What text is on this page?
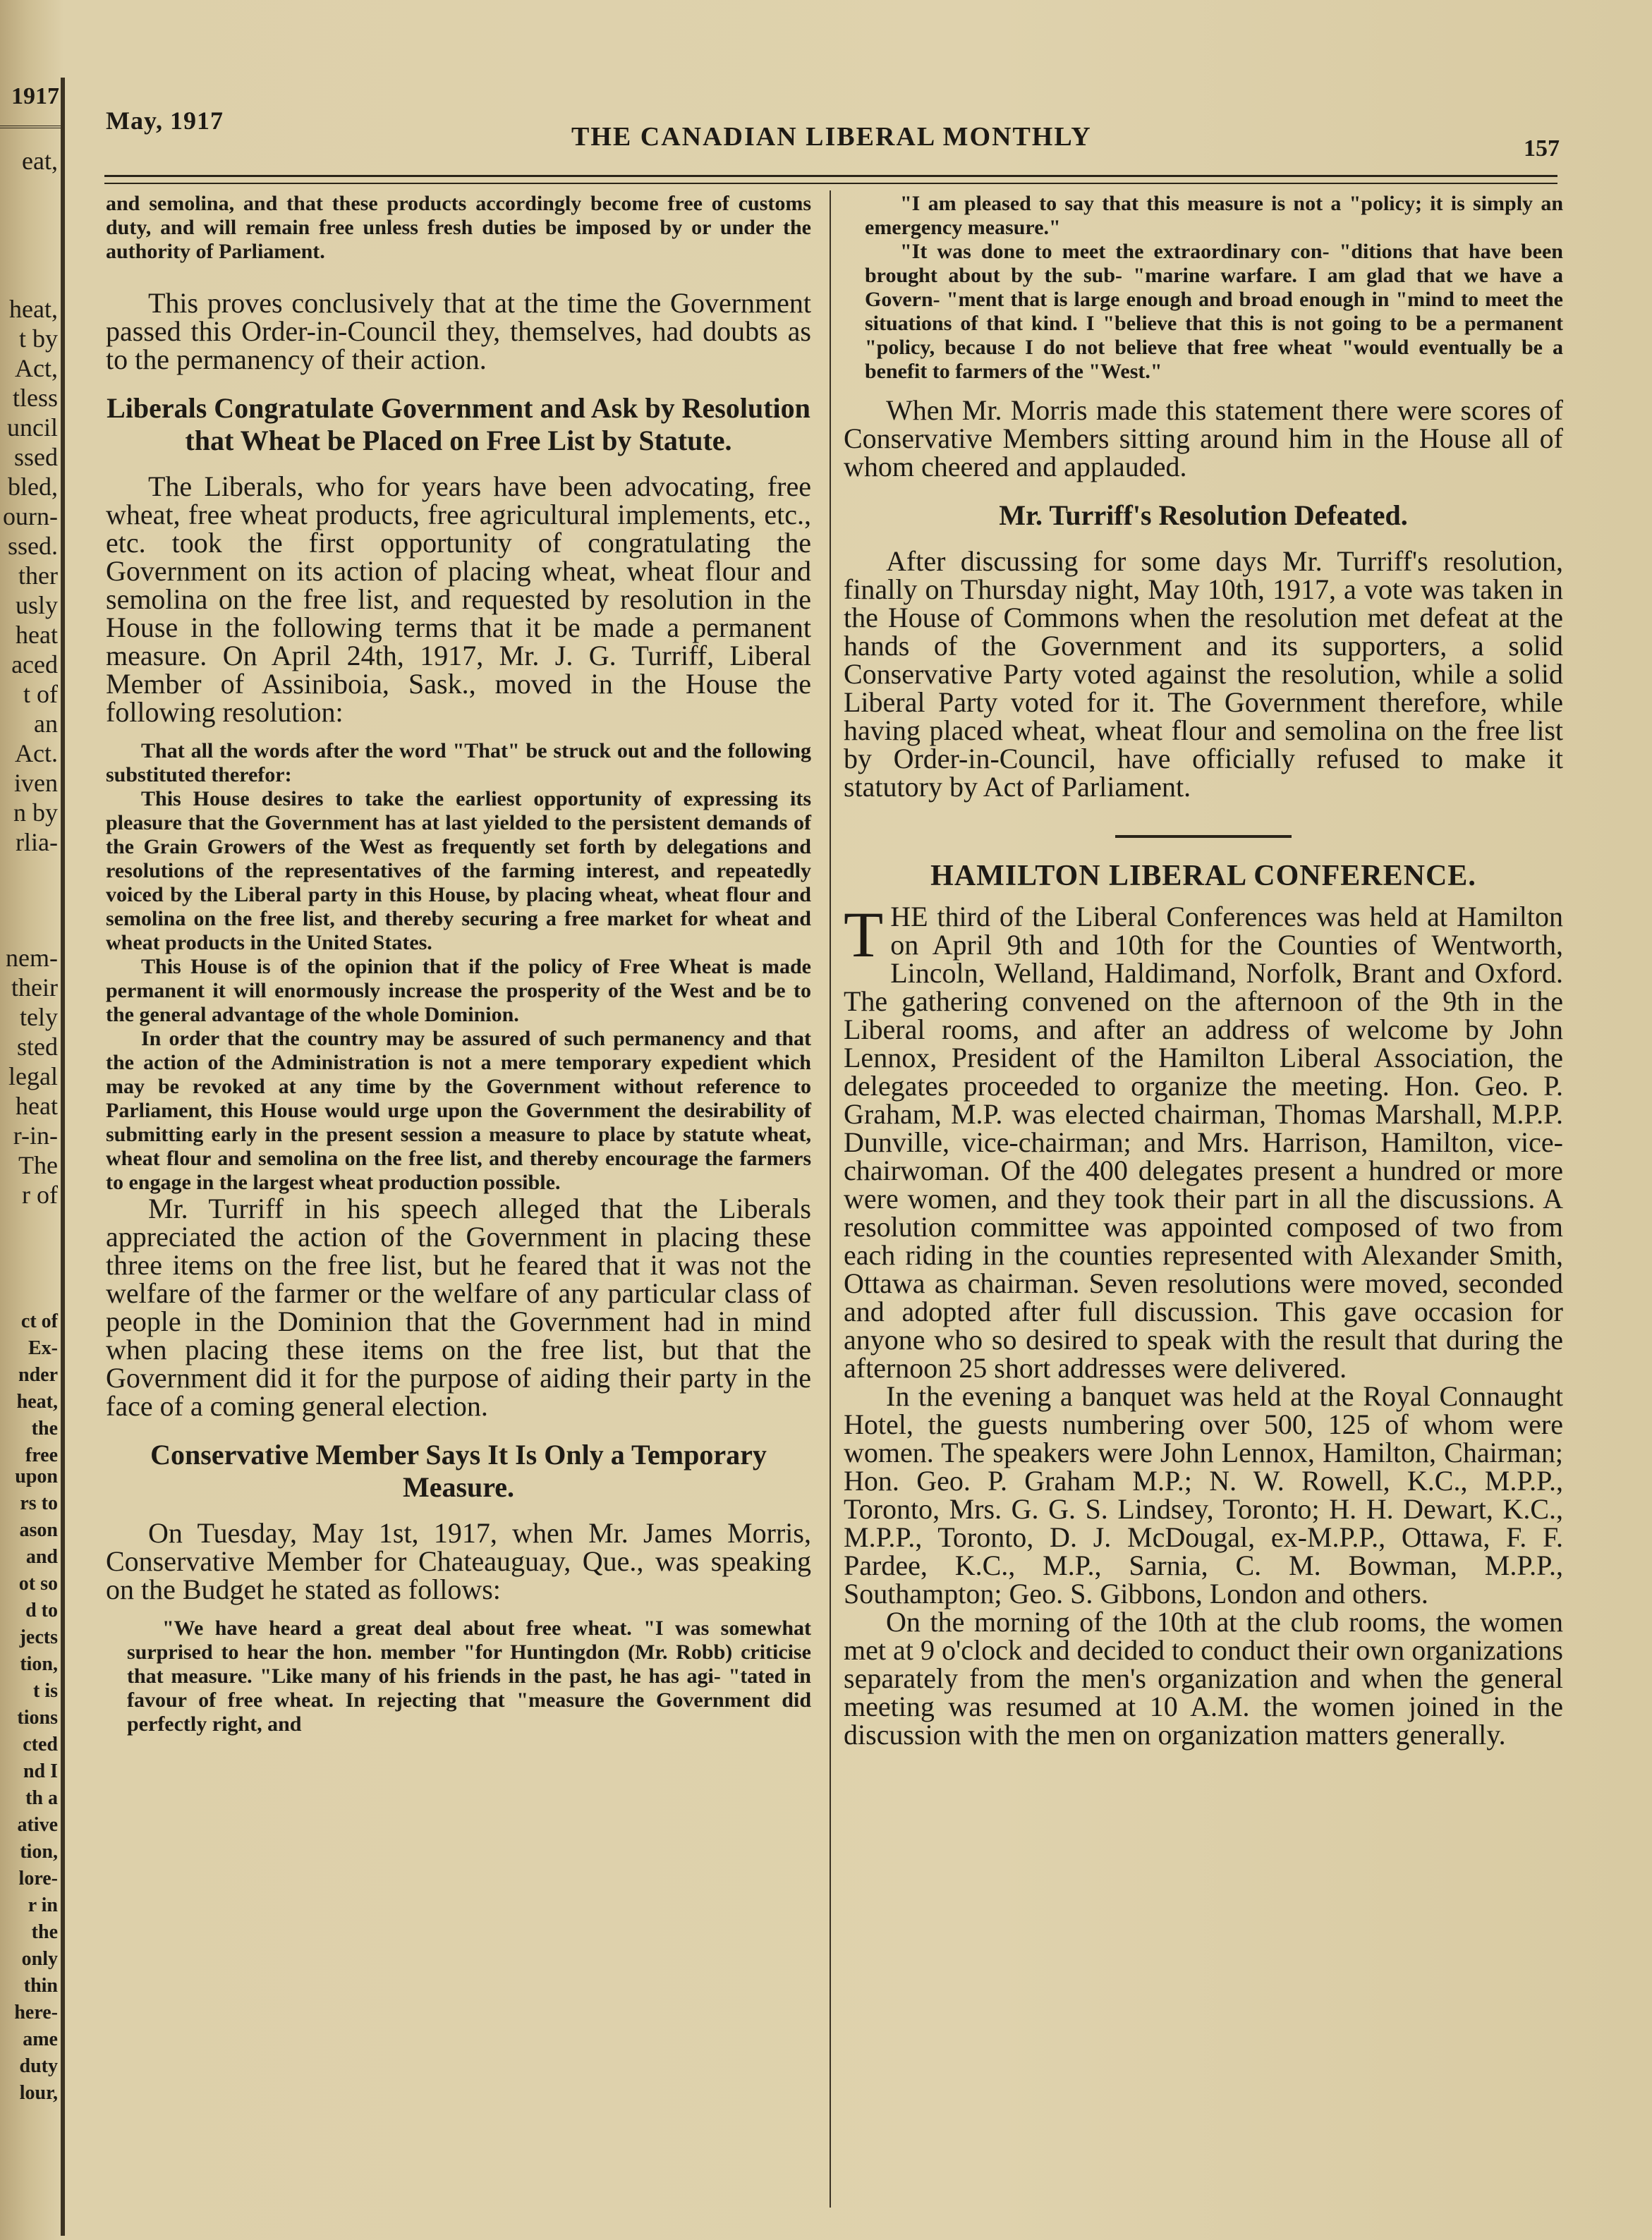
1917
eat,
heat,
t by
Act,
tless
uncil
ssed
bled,
ourn-
ssed.
ther
usly
heat
aced
t of
an
Act.
iven
n by
rlia-
nem-
their
tely
sted
legal
heat
r-in-
The
r of
ct of
Ex-
nder
heat,
the
free
upon
rs to
ason
and
ot so
d to
jects
tion,
t is
tions
cted
nd I
th a
ative
tion,
lore-
r in
the
only
thin
here-
ame
duty
lour,
May, 1917
THE CANADIAN LIBERAL MONTHLY	157

and semolina, and that these products accordingly become free of customs duty, and will remain free unless fresh duties be imposed by or under the authority of Parliament.

This proves conclusively that at the time the Government passed this Order-in-Council they, themselves, had doubts as to the permanency of their action.

Liberals Congratulate Government and Ask by Resolution that Wheat be Placed on Free List by Statute.

The Liberals, who for years have been advocating, free wheat, free wheat products, free agricultural implements, etc., etc. took the first opportunity of congratulating the Government on its action of placing wheat, wheat flour and semolina on the free list, and requested by resolution in the House in the following terms that it be made a permanent measure. On April 24th, 1917, Mr. J. G. Turriff, Liberal Member of Assiniboia, Sask., moved in the House the following resolution:

That all the words after the word "That" be struck out and the following substituted therefor:

This House desires to take the earliest opportunity of expressing its pleasure that the Government has at last yielded to the persistent demands of the Grain Growers of the West as frequently set forth by delegations and resolutions of the representatives of the farming interest, and repeatedly voiced by the Liberal party in this House, by placing wheat, wheat flour and semolina on the free list, and thereby securing a free market for wheat and wheat products in the United States.

This House is of the opinion that if the policy of Free Wheat is made permanent it will enormously increase the prosperity of the West and be to the general advantage of the whole Dominion.

In order that the country may be assured of such permanency and that the action of the Administration is not a mere temporary expedient which may be revoked at any time by the Government without reference to Parliament, this House would urge upon the Government the desirability of submitting early in the present session a measure to place by statute wheat, wheat flour and semolina on the free list, and thereby encourage the farmers to engage in the largest wheat production possible.

Mr. Turriff in his speech alleged that the Liberals appreciated the action of the Government in placing these three items on the free list, but he feared that it was not the welfare of the farmer or the welfare of any particular class of people in the Dominion that the Government had in mind when placing these items on the free list, but that the Government did it for the purpose of aiding their party in the face of a coming general election.

Conservative Member Says It Is Only a Temporary Measure.

On Tuesday, May 1st, 1917, when Mr. James Morris, Conservative Member for Chateauguay, Que., was speaking on the Budget he stated as follows:

"We have heard a great deal about free wheat. "I was somewhat surprised to hear the hon. member "for Huntingdon (Mr. Robb) criticise that measure. "Like many of his friends in the past, he has agi- "tated in favour of free wheat. In rejecting that "measure the Government did perfectly right, and

"I am pleased to say that this measure is not a "policy; it is simply an emergency measure."

"It was done to meet the extraordinary con- "ditions that have been brought about by the sub- "marine warfare. I am glad that we have a Govern- "ment that is large enough and broad enough in "mind to meet the situations of that kind. I "believe that this is not going to be a permanent "policy, because I do not believe that free wheat "would eventually be a benefit to farmers of the "West."

When Mr. Morris made this statement there were scores of Conservative Members sitting around him in the House all of whom cheered and applauded.

Mr. Turriff's Resolution Defeated.

After discussing for some days Mr. Turriff's resolution, finally on Thursday night, May 10th, 1917, a vote was taken in the House of Commons when the resolution met defeat at the hands of the Government and its supporters, a solid Conservative Party voted against the resolution, while a solid Liberal Party voted for it. The Government therefore, while having placed wheat, wheat flour and semolina on the free list by Order-in-Council, have officially refused to make it statutory by Act of Parliament.

HAMILTON LIBERAL CONFERENCE.

THE third of the Liberal Conferences was held at Hamilton on April 9th and 10th for the Counties of Wentworth, Lincoln, Welland, Haldimand, Norfolk, Brant and Oxford. The gathering convened on the afternoon of the 9th in the Liberal rooms, and after an address of welcome by John Lennox, President of the Hamilton Liberal Association, the delegates proceeded to organize the meeting. Hon. Geo. P. Graham, M.P. was elected chairman, Thomas Marshall, M.P.P. Dunville, vice-chairman; and Mrs. Harrison, Hamilton, vice-chairwoman. Of the 400 delegates present a hundred or more were women, and they took their part in all the discussions. A resolution committee was appointed composed of two from each riding in the counties represented with Alexander Smith, Ottawa as chairman. Seven resolutions were moved, seconded and adopted after full discussion. This gave occasion for anyone who so desired to speak with the result that during the afternoon 25 short addresses were delivered.

In the evening a banquet was held at the Royal Connaught Hotel, the guests numbering over 500, 125 of whom were women. The speakers were John Lennox, Hamilton, Chairman; Hon. Geo. P. Graham M.P.; N. W. Rowell, K.C., M.P.P., Toronto, Mrs. G. G. S. Lindsey, Toronto; H. H. Dewart, K.C., M.P.P., Toronto, D. J. McDougal, ex-M.P.P., Ottawa, F. F. Pardee, K.C., M.P., Sarnia, C. M. Bowman, M.P.P., Southampton; Geo. S. Gibbons, London and others.

On the morning of the 10th at the club rooms, the women met at 9 o'clock and decided to conduct their own organizations separately from the men's organization and when the general meeting was resumed at 10 A.M. the women joined in the discussion with the men on organization matters generally.
